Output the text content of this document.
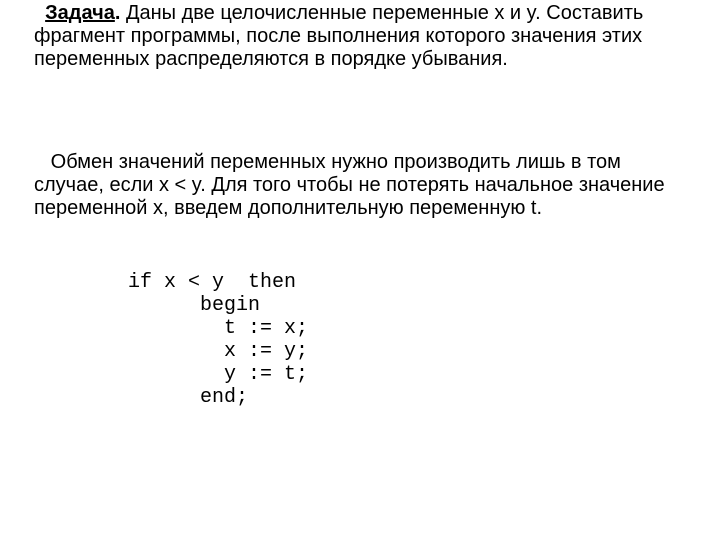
Задача. Даны две целочисленные переменные x и y. Составить фрагмент программы, после выполнения которого значения этих переменных распределяются в порядке убывания.

Обмен значений переменных нужно производить лишь в том случае, если x < y. Для того чтобы не потерять начальное значение переменной x, введем дополнительную переменную t.

if x < y  then
begin
t := x;
x := y;
y := t;
end;
